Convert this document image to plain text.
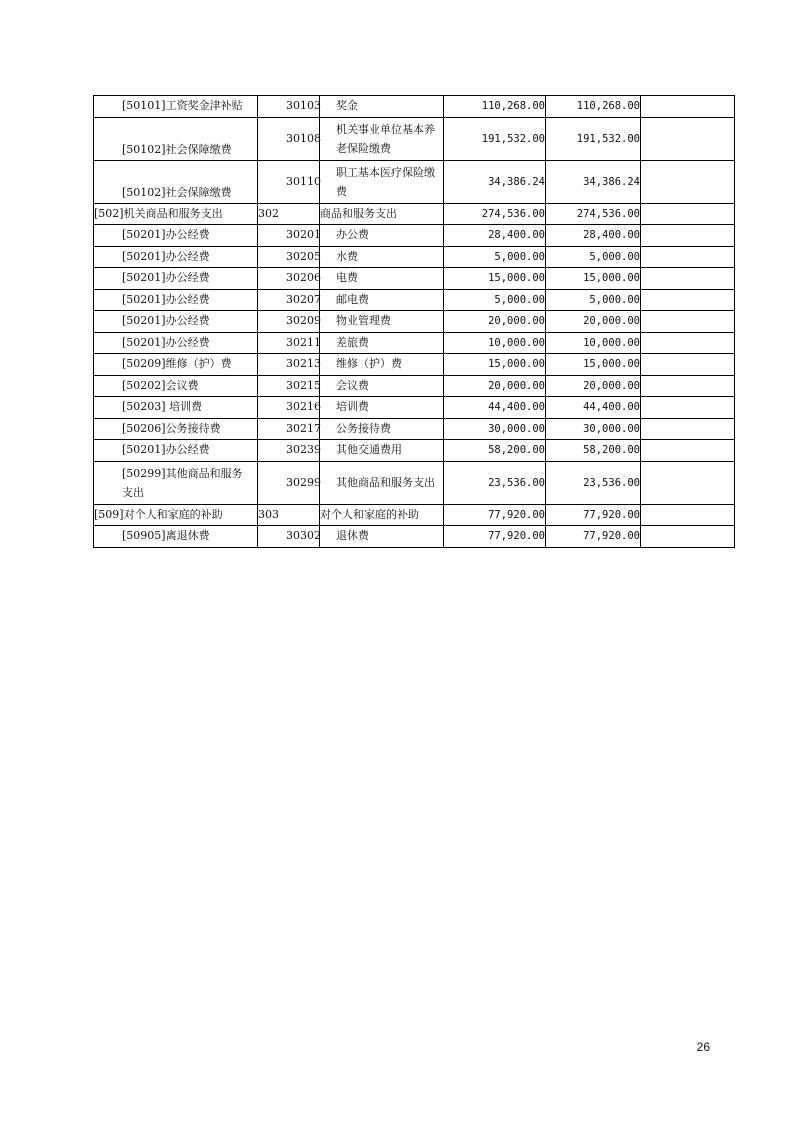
[50101]工资奖金津补贴	30103	奖金	110,268.00	110,268.00	
[50102]社会保障缴费	30108	机关事业单位基本养老保险缴费	191,532.00	191,532.00	
[50102]社会保障缴费	30110	职工基本医疗保险缴费	34,386.24	34,386.24	
[502]机关商品和服务支出	302	商品和服务支出	274,536.00	274,536.00	
[50201]办公经费	30201	办公费	28,400.00	28,400.00	
[50201]办公经费	30205	水费	5,000.00	5,000.00	
[50201]办公经费	30206	电费	15,000.00	15,000.00	
[50201]办公经费	30207	邮电费	5,000.00	5,000.00	
[50201]办公经费	30209	物业管理费	20,000.00	20,000.00	
[50201]办公经费	30211	差旅费	10,000.00	10,000.00	
[50209]维修（护）费	30213	维修（护）费	15,000.00	15,000.00	
[50202]会议费	30215	会议费	20,000.00	20,000.00	
[50203] 培训费	30216	培训费	44,400.00	44,400.00	
[50206]公务接待费	30217	公务接待费	30,000.00	30,000.00	
[50201]办公经费	30239	其他交通费用	58,200.00	58,200.00	
[50299]其他商品和服务支出	30299	其他商品和服务支出	23,536.00	23,536.00	
[509]对个人和家庭的补助	303	对个人和家庭的补助	77,920.00	77,920.00	
[50905]离退休费	30302	退休费	77,920.00	77,920.00	
26
